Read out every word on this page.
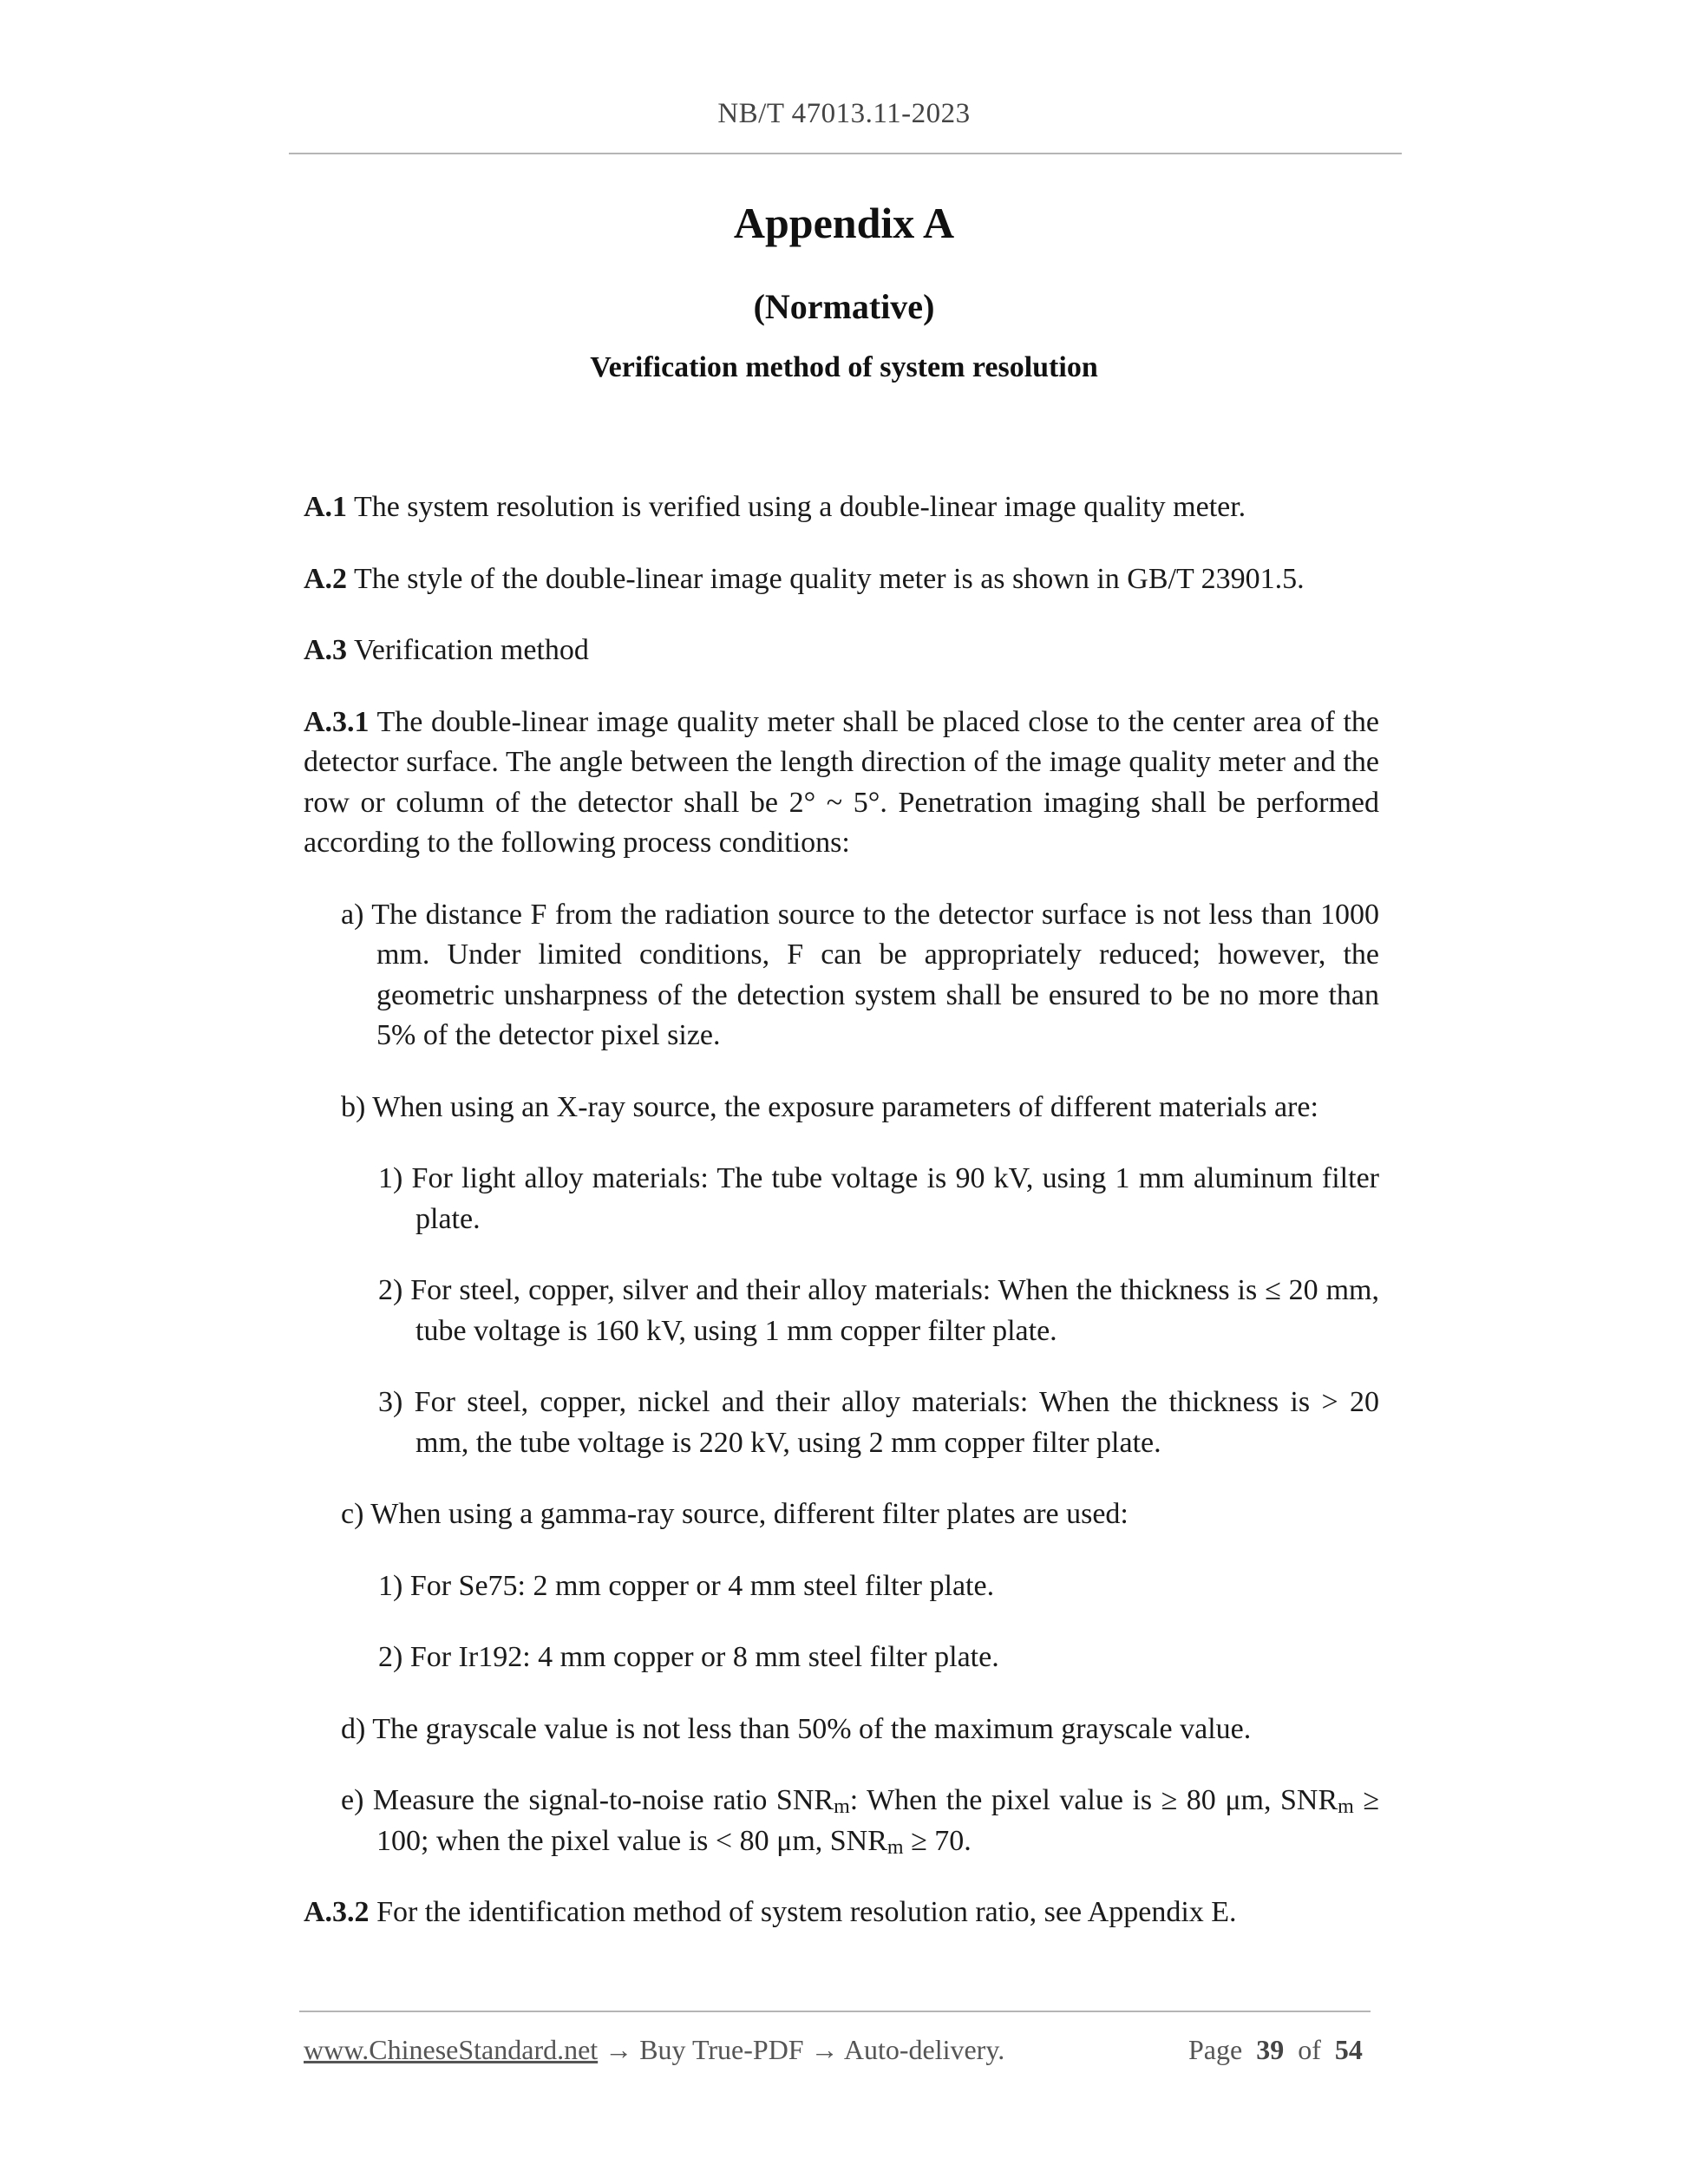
NB/T 47013.11-2023
Appendix A
(Normative)
Verification method of system resolution

A.1 The system resolution is verified using a double-linear image quality meter.

A.2 The style of the double-linear image quality meter is as shown in GB/T 23901.5.

A.3 Verification method

A.3.1 The double-linear image quality meter shall be placed close to the center area of the detector surface. The angle between the length direction of the image quality meter and the row or column of the detector shall be 2° ~ 5°. Penetration imaging shall be performed according to the following process conditions:

a) The distance F from the radiation source to the detector surface is not less than 1000 mm. Under limited conditions, F can be appropriately reduced; however, the geometric unsharpness of the detection system shall be ensured to be no more than 5% of the detector pixel size.

b) When using an X-ray source, the exposure parameters of different materials are:

1) For light alloy materials: The tube voltage is 90 kV, using 1 mm aluminum filter plate.

2) For steel, copper, silver and their alloy materials: When the thickness is ≤ 20 mm, tube voltage is 160 kV, using 1 mm copper filter plate.

3) For steel, copper, nickel and their alloy materials: When the thickness is > 20 mm, the tube voltage is 220 kV, using 2 mm copper filter plate.

c) When using a gamma-ray source, different filter plates are used:

1) For Se75: 2 mm copper or 4 mm steel filter plate.

2) For Ir192: 4 mm copper or 8 mm steel filter plate.

d) The grayscale value is not less than 50% of the maximum grayscale value.

e) Measure the signal-to-noise ratio $SNR_m$: When the pixel value is ≥ 80 μm, $SNR_m \ge 100$; when the pixel value is < 80 μm, $SNR_m \ge 70$.

A.3.2 For the identification method of system resolution ratio, see Appendix E.

www.ChineseStandard.net → Buy True-PDF → Auto-delivery.	Page 39 of 54
